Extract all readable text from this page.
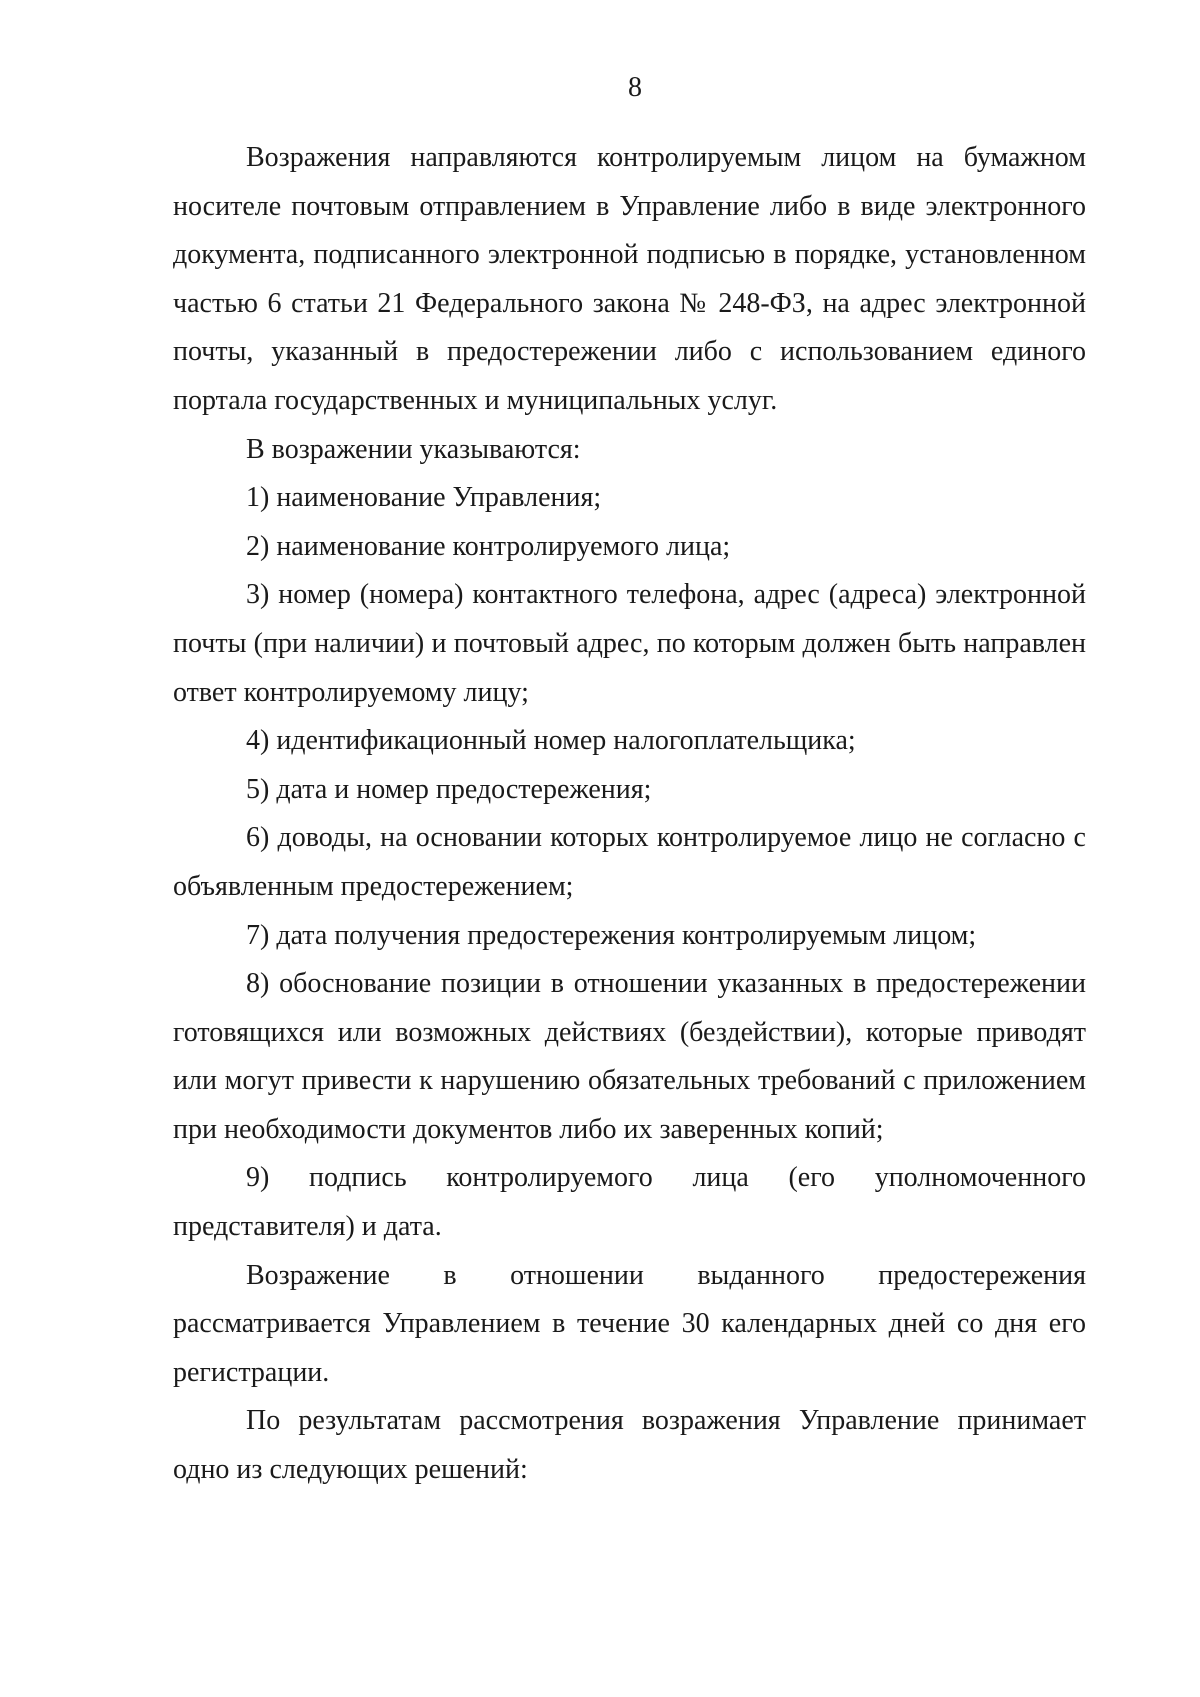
8

Возражения направляются контролируемым лицом на бумажном носителе почтовым отправлением в Управление либо в виде электронного документа, подписанного электронной подписью в порядке, установленном частью 6 статьи 21 Федерального закона № 248-ФЗ, на адрес электронной почты, указанный в предостережении либо с использованием единого портала государственных и муниципальных услуг.

В возражении указываются:

1) наименование Управления;

2) наименование контролируемого лица;

3) номер (номера) контактного телефона, адрес (адреса) электронной почты (при наличии) и почтовый адрес, по которым должен быть направлен ответ контролируемому лицу;

4) идентификационный номер налогоплательщика;

5) дата и номер предостережения;

6) доводы, на основании которых контролируемое лицо не согласно с объявленным предостережением;

7) дата получения предостережения контролируемым лицом;

8) обоснование позиции в отношении указанных в предостережении готовящихся или возможных действиях (бездействии), которые приводят или могут привести к нарушению обязательных требований с приложением при необходимости документов либо их заверенных копий;

9) подпись контролируемого лица (его уполномоченного представителя) и дата.

Возражение в отношении выданного предостережения рассматривается Управлением в течение 30 календарных дней со дня его регистрации.

По результатам рассмотрения возражения Управление принимает одно из следующих решений:
